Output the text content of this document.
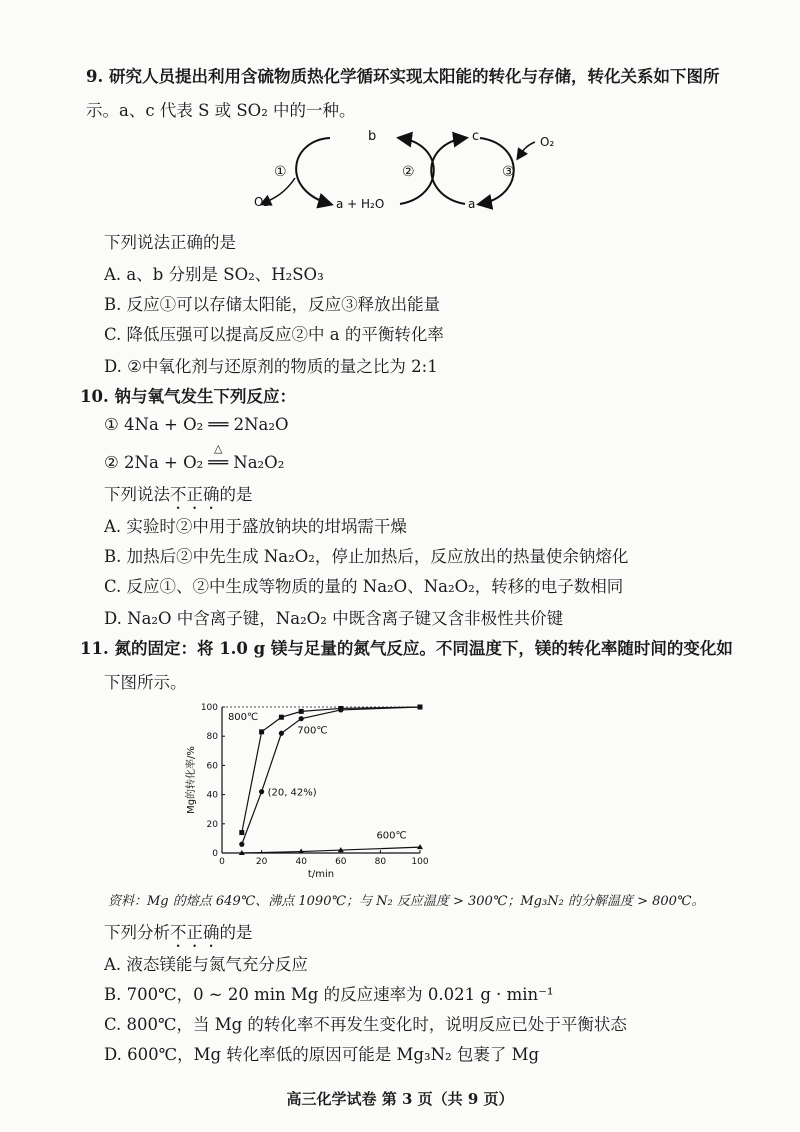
9. 研究人员提出利用含硫物质热化学循环实现太阳能的转化与存储，转化关系如下图所
示。a、c 代表 S 或 SO₂ 中的一种。
b	c	O₂
O₂	a + H₂O	a
①	②	③
下列说法正确的是
A. a、b 分别是 SO₂、H₂SO₃
B. 反应①可以存储太阳能，反应③释放出能量
C. 降低压强可以提高反应②中 a 的平衡转化率
D. ②中氧化剂与还原剂的物质的量之比为 2:1
10. 钠与氧气发生下列反应：
① 4Na + O₂ ══ 2Na₂O
② 2Na + O₂
△
══ Na₂O₂
下列说法不正确的是
A. 实验时②中用于盛放钠块的坩埚需干燥
B. 加热后②中先生成 Na₂O₂，停止加热后，反应放出的热量使余钠熔化
C. 反应①、②中生成等物质的量的 Na₂O、Na₂O₂，转移的电子数相同
D. Na₂O 中含离子键，Na₂O₂ 中既含离子键又含非极性共价键
11. 氮的固定：将 1.0 g 镁与足量的氮气反应。不同温度下，镁的转化率随时间的变化如
下图所示。
0	20	40	60	80	100
0
20
40
60
80
100
t/min
Mg的转化率/%	(20, 42%)
800℃
700℃
600℃
资料：Mg 的熔点 649℃、沸点 1090℃；与 N₂ 反应温度 > 300℃；Mg₃N₂ 的分解温度 > 800℃。
下列分析不正确的是
A. 液态镁能与氮气充分反应
B. 700℃，0 ~ 20 min Mg 的反应速率为 0.021 g · min⁻¹
C. 800℃，当 Mg 的转化率不再发生变化时，说明反应已处于平衡状态
D. 600℃，Mg 转化率低的原因可能是 Mg₃N₂ 包裹了 Mg
高三化学试卷 第 3 页（共 9 页）
